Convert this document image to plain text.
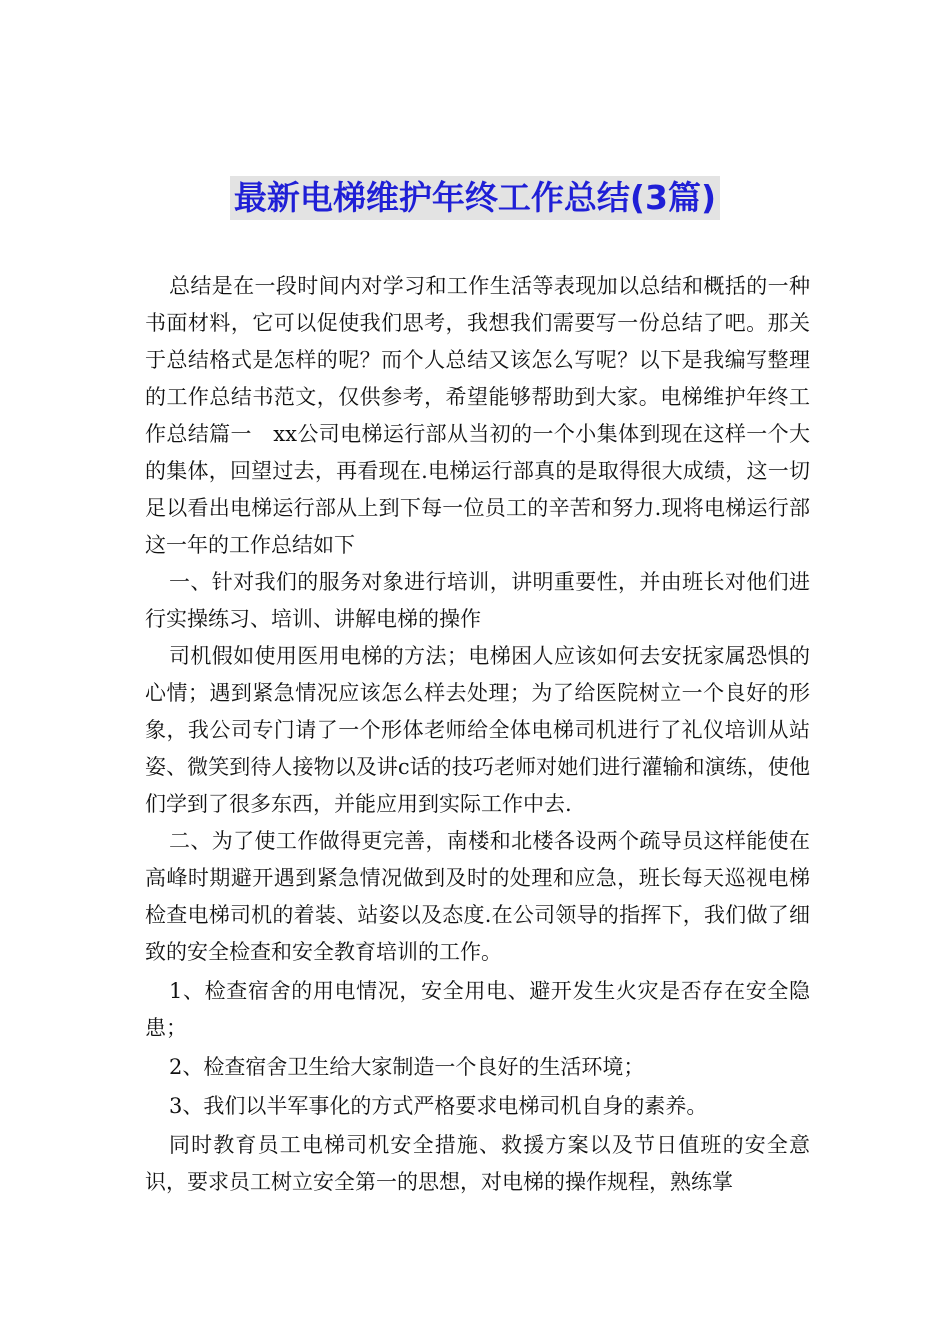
最新电梯维护年终工作总结(3篇)

总结是在一段时间内对学习和工作生活等表现加以总结和概括的一种书面材料，它可以促使我们思考，我想我们需要写一份总结了吧。那关于总结格式是怎样的呢？而个人总结又该怎么写呢？以下是我编写整理的工作总结书范文，仅供参考，希望能够帮助到大家。电梯维护年终工作总结篇一　xx公司电梯运行部从当初的一个小集体到现在这样一个大的集体，回望过去，再看现在.电梯运行部真的是取得很大成绩，这一切足以看出电梯运行部从上到下每一位员工的辛苦和努力.现将电梯运行部这一年的工作总结如下

一、针对我们的服务对象进行培训，讲明重要性，并由班长对他们进行实操练习、培训、讲解电梯的操作

司机假如使用医用电梯的方法；电梯困人应该如何去安抚家属恐惧的心情；遇到紧急情况应该怎么样去处理；为了给医院树立一个良好的形象，我公司专门请了一个形体老师给全体电梯司机进行了礼仪培训从站姿、微笑到待人接物以及讲c话的技巧老师对她们进行灌输和演练，使他们学到了很多东西，并能应用到实际工作中去.

二、为了使工作做得更完善，南楼和北楼各设两个疏导员这样能使在高峰时期避开遇到紧急情况做到及时的处理和应急，班长每天巡视电梯检查电梯司机的着装、站姿以及态度.在公司领导的指挥下，我们做了细致的安全检查和安全教育培训的工作。

1、检查宿舍的用电情况，安全用电、避开发生火灾是否存在安全隐患；

2、检查宿舍卫生给大家制造一个良好的生活环境；

3、我们以半军事化的方式严格要求电梯司机自身的素养。

同时教育员工电梯司机安全措施、救援方案以及节日值班的安全意识，要求员工树立安全第一的思想，对电梯的操作规程，熟练掌
